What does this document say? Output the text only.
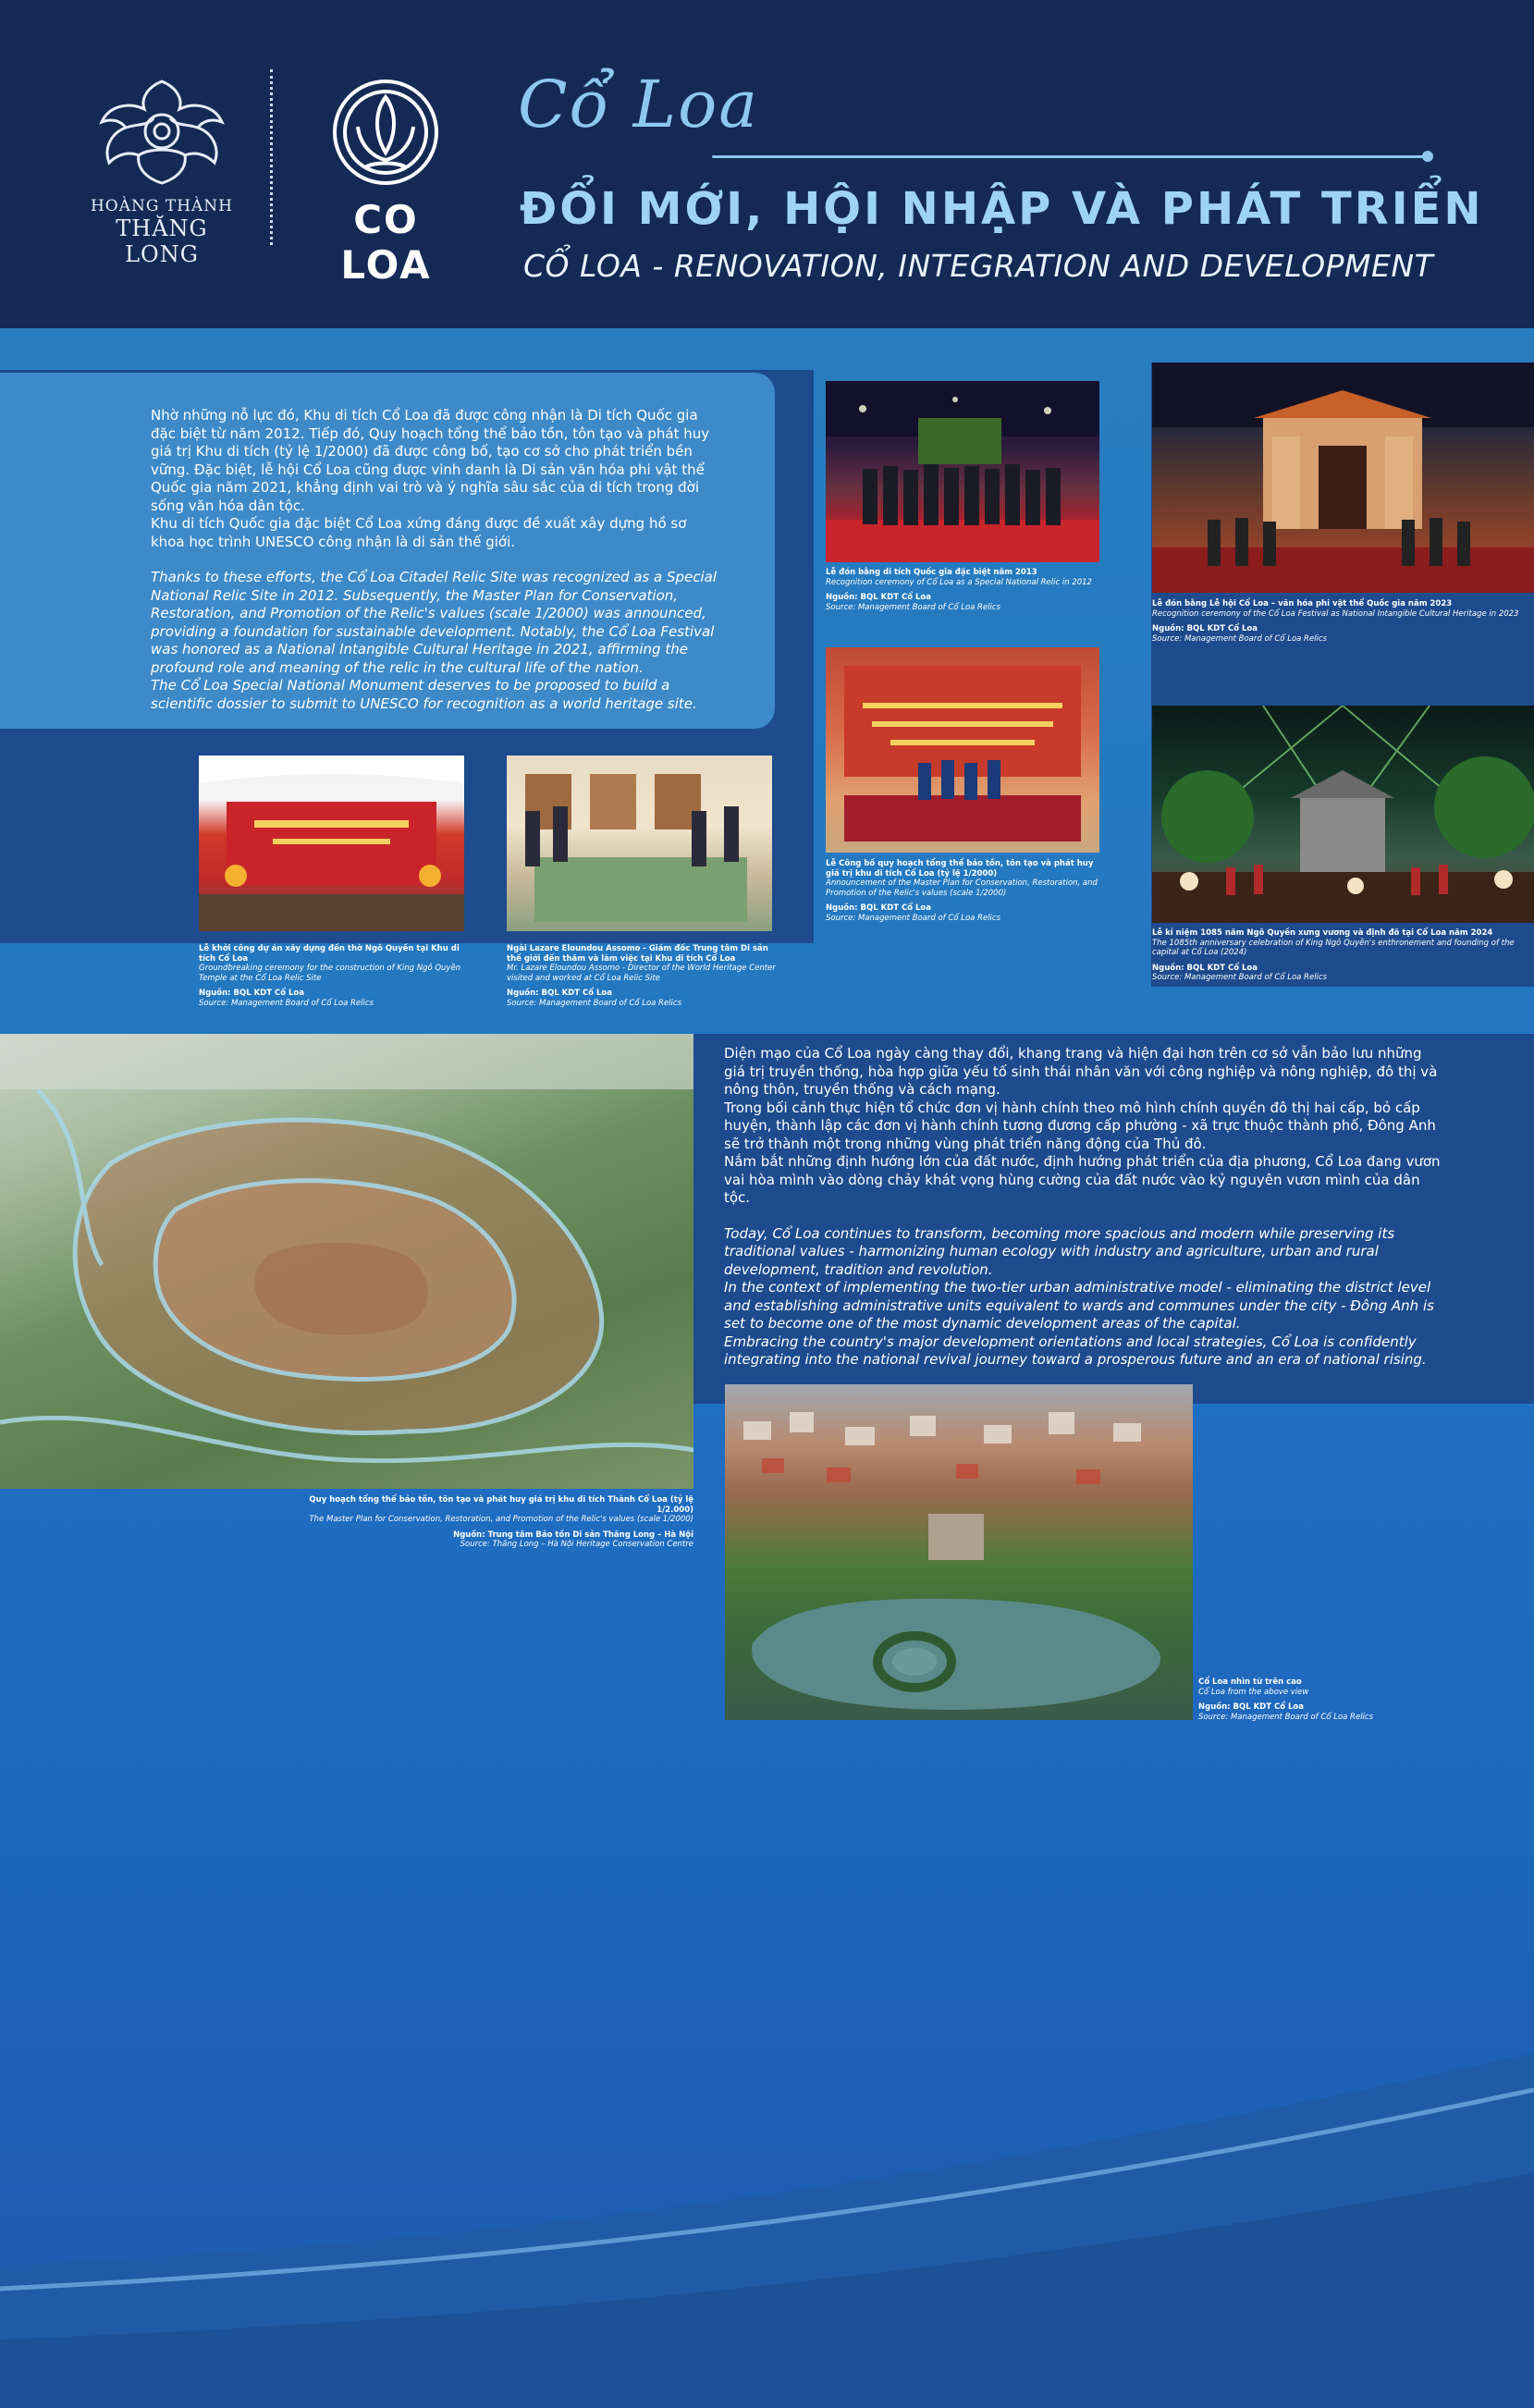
HOÀNG THÀNH
THĂNG LONG
CO LOA
Cổ Loa
ĐỔI MỚI, HỘI NHẬP VÀ PHÁT TRIỂN
CỔ LOA - RENOVATION, INTEGRATION AND DEVELOPMENT

Nhờ những nỗ lực đó, Khu di tích Cổ Loa đã được công nhận là Di tích Quốc gia đặc biệt từ năm 2012. Tiếp đó, Quy hoạch tổng thể bảo tồn, tôn tạo và phát huy giá trị Khu di tích (tỷ lệ 1/2000) đã được công bố, tạo cơ sở cho phát triển bền vững. Đặc biệt, lễ hội Cổ Loa cũng được vinh danh là Di sản văn hóa phi vật thể Quốc gia năm 2021, khẳng định vai trò và ý nghĩa sâu sắc của di tích trong đời sống văn hóa dân tộc.

Khu di tích Quốc gia đặc biệt Cổ Loa xứng đáng được đề xuất xây dựng hồ sơ khoa học trình UNESCO công nhận là di sản thế giới.

Thanks to these efforts, the Cổ Loa Citadel Relic Site was recognized as a Special National Relic Site in 2012. Subsequently, the Master Plan for Conservation, Restoration, and Promotion of the Relic's values (scale 1/2000) was announced, providing a foundation for sustainable development. Notably, the Cổ Loa Festival was honored as a National Intangible Cultural Heritage in 2021, affirming the profound role and meaning of the relic in the cultural life of the nation.

The Cổ Loa Special National Monument deserves to be proposed to build a scientific dossier to submit to UNESCO for recognition as a world heritage site.

Lễ đón bằng di tích Quốc gia đặc biệt năm 2013
Recognition ceremony of Cổ Loa as a Special National Relic in 2012
Nguồn: BQL KDT Cổ Loa
Source: Management Board of Cổ Loa Relics	Lễ đón bằng Lễ hội Cổ Loa – văn hóa phi vật thể Quốc gia năm 2023
Recognition ceremony of the Cổ Loa Festival as National Intangible Cultural Heritage in 2023
Nguồn: BQL KDT Cổ Loa
Source: Management Board of Cổ Loa Relics
Lễ Công bố quy hoạch tổng thể bảo tồn, tôn tạo và phát huy giá trị khu di tích Cổ Loa (tỷ lệ 1/2000)
Announcement of the Master Plan for Conservation, Restoration, and Promotion of the Relic's values (scale 1/2000)
Nguồn: BQL KDT Cổ Loa
Source: Management Board of Cổ Loa Relics
Lễ kỉ niệm 1085 năm Ngô Quyền xưng vương và định đô tại Cổ Loa năm 2024
The 1085th anniversary celebration of King Ngô Quyền's enthronement and founding of the capital at Cổ Loa (2024)
Nguồn: BQL KDT Cổ Loa
Source: Management Board of Cổ Loa Relics
Lễ khởi công dự án xây dựng đền thờ Ngô Quyền tại Khu di tích Cổ Loa
Groundbreaking ceremony for the construction of King Ngô Quyền Temple at the Cổ Loa Relic Site
Nguồn: BQL KDT Cổ Loa
Source: Management Board of Cổ Loa Relics
Ngài Lazare Eloundou Assomo - Giám đốc Trung tâm Di sản thế giới đến thăm và làm việc tại Khu di tích Cổ Loa
Mr. Lazare Eloundou Assomo - Director of the World Heritage Center visited and worked at Cổ Loa Relic Site
Nguồn: BQL KDT Cổ Loa
Source: Management Board of Cổ Loa Relics
Quy hoạch tổng thể bảo tồn, tôn tạo và phát huy giá trị khu di tích Thành Cổ Loa (tỷ lệ 1/2.000)
The Master Plan for Conservation, Restoration, and Promotion of the Relic's values (scale 1/2000)
Nguồn: Trung tâm Bảo tồn Di sản Thăng Long – Hà Nội
Source: Thăng Long – Hà Nội Heritage Conservation Centre

Diện mạo của Cổ Loa ngày càng thay đổi, khang trang và hiện đại hơn trên cơ sở vẫn bảo lưu những giá trị truyền thống, hòa hợp giữa yếu tố sinh thái nhân văn với công nghiệp và nông nghiệp, đô thị và nông thôn, truyền thống và cách mạng.

Trong bối cảnh thực hiện tổ chức đơn vị hành chính theo mô hình chính quyền đô thị hai cấp, bỏ cấp huyện, thành lập các đơn vị hành chính tương đương cấp phường - xã trực thuộc thành phố, Đông Anh sẽ trở thành một trong những vùng phát triển năng động của Thủ đô.

Nắm bắt những định hướng lớn của đất nước, định hướng phát triển của địa phương, Cổ Loa đang vươn vai hòa mình vào dòng chảy khát vọng hùng cường của đất nước vào kỷ nguyên vươn mình của dân tộc.

Today, Cổ Loa continues to transform, becoming more spacious and modern while preserving its traditional values - harmonizing human ecology with industry and agriculture, urban and rural development, tradition and revolution.

In the context of implementing the two-tier urban administrative model - eliminating the district level and establishing administrative units equivalent to wards and communes under the city - Đông Anh is set to become one of the most dynamic development areas of the capital.

Embracing the country's major development orientations and local strategies, Cổ Loa is confidently integrating into the national revival journey toward a prosperous future and an era of national rising.

Cổ Loa nhìn từ trên cao
Cổ Loa from the above view
Nguồn: BQL KDT Cổ Loa
Source: Management Board of Cổ Loa Relics
